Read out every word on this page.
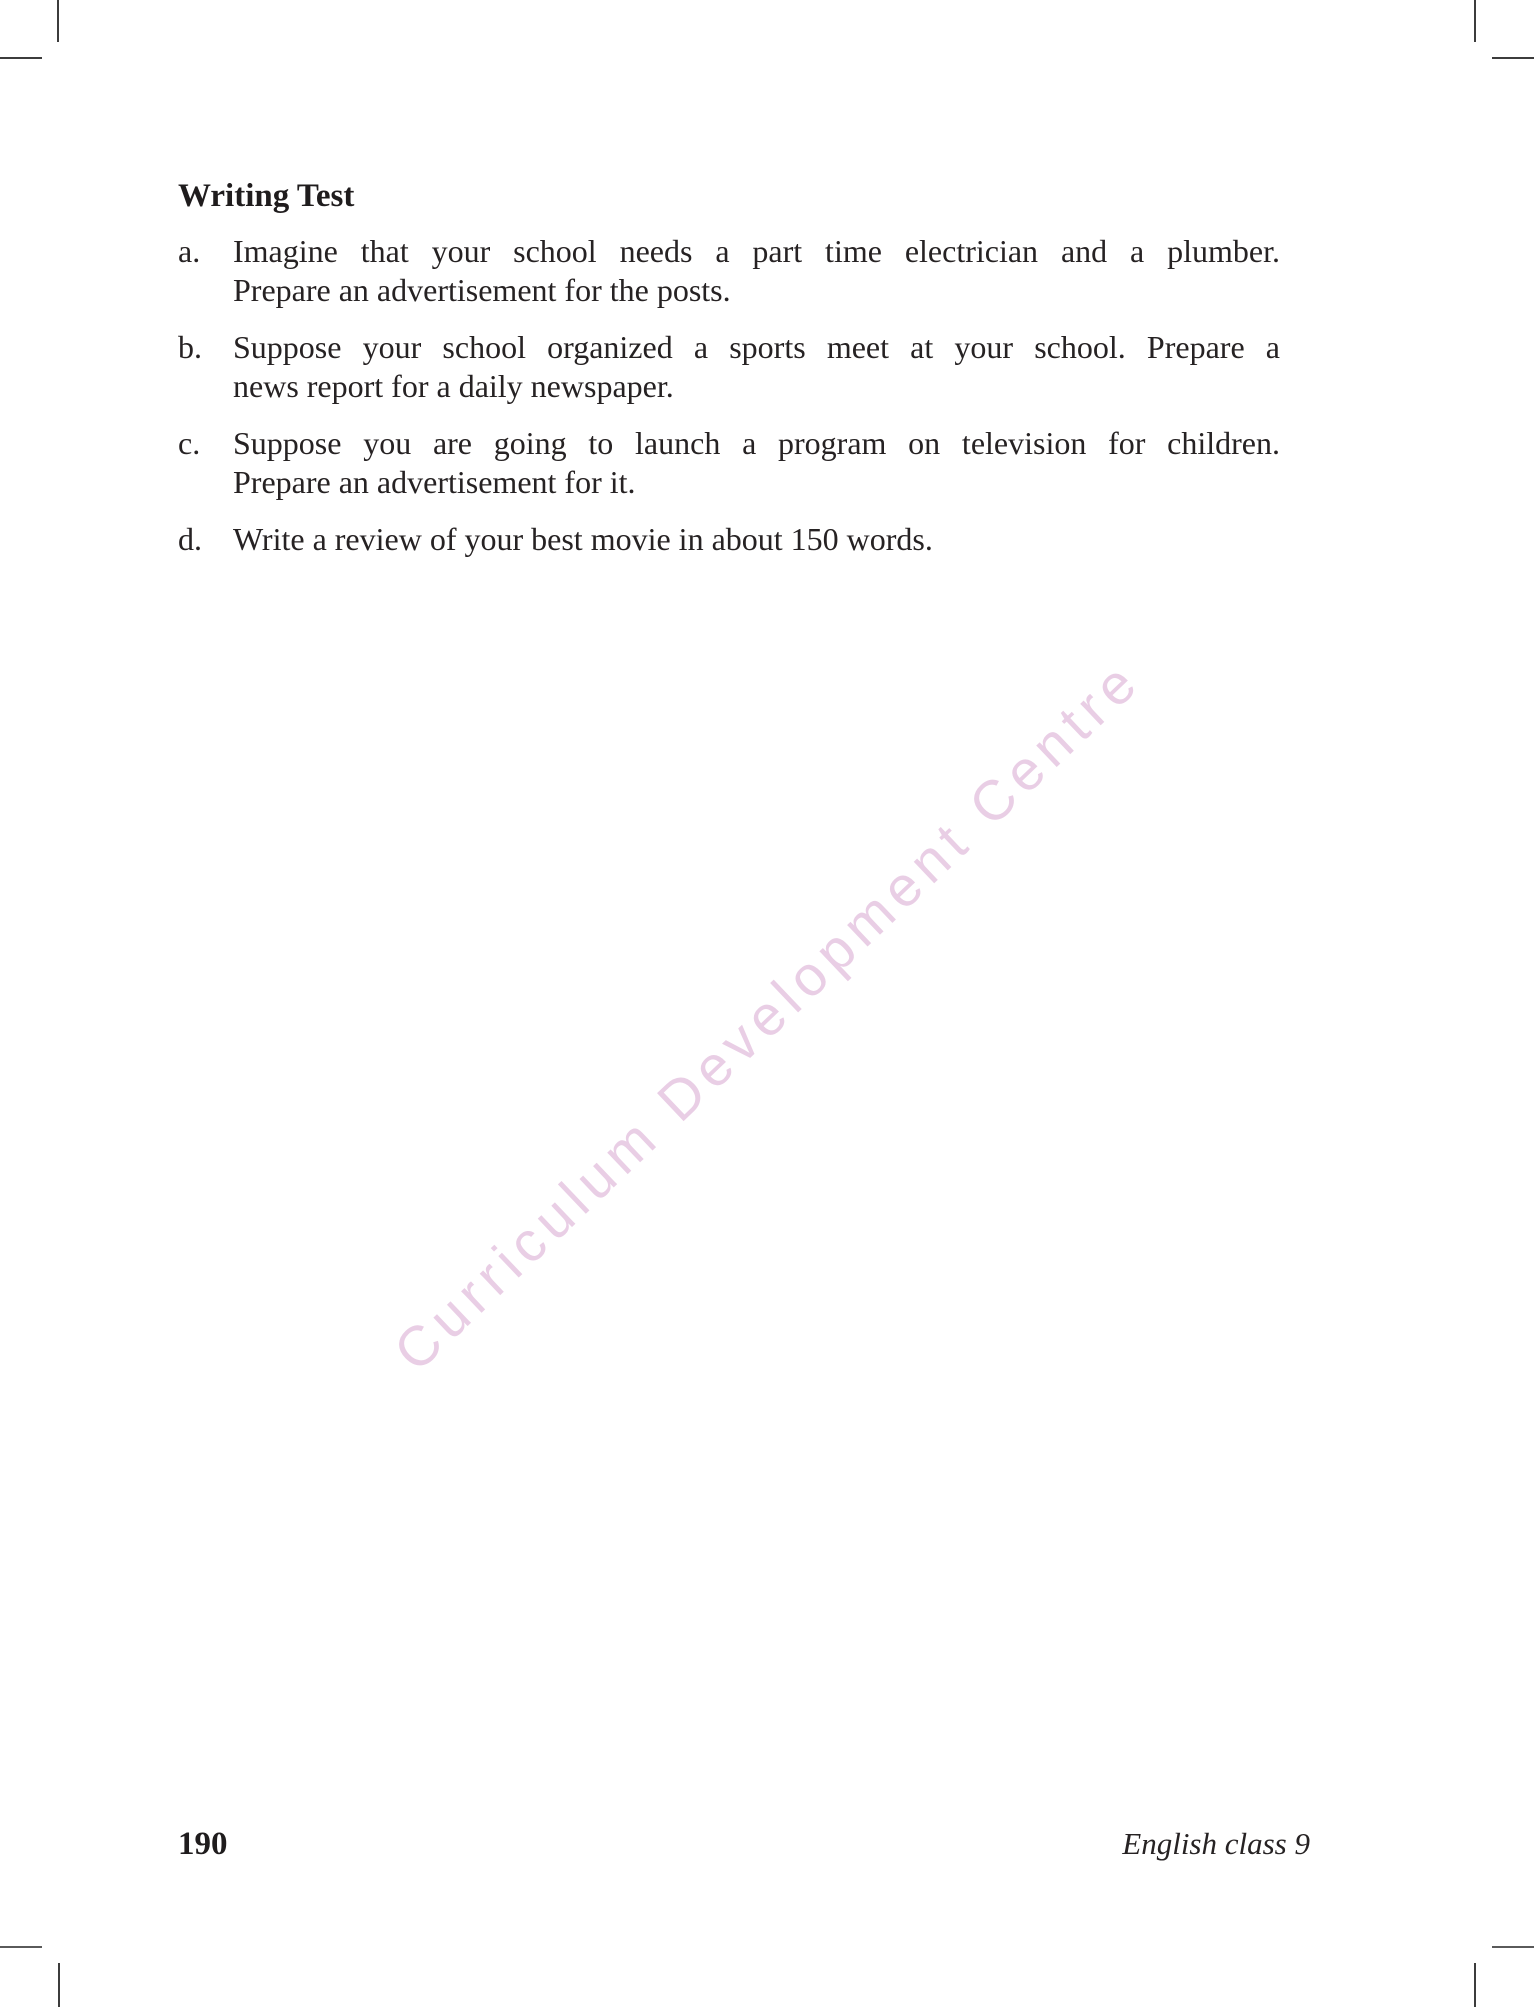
Curriculum Development Centre
Writing Test
a.	Imagine that your school needs a part time electrician and a plumber.
Prepare an advertisement for the posts.
b. Suppose your school organized a sports meet at your school. Prepare a
news report for a daily newspaper.
c.	Suppose you are going to launch a program on television for children.
Prepare an advertisement for it.
d. Write a review of your best movie in about 150 words.
190	English class 9
